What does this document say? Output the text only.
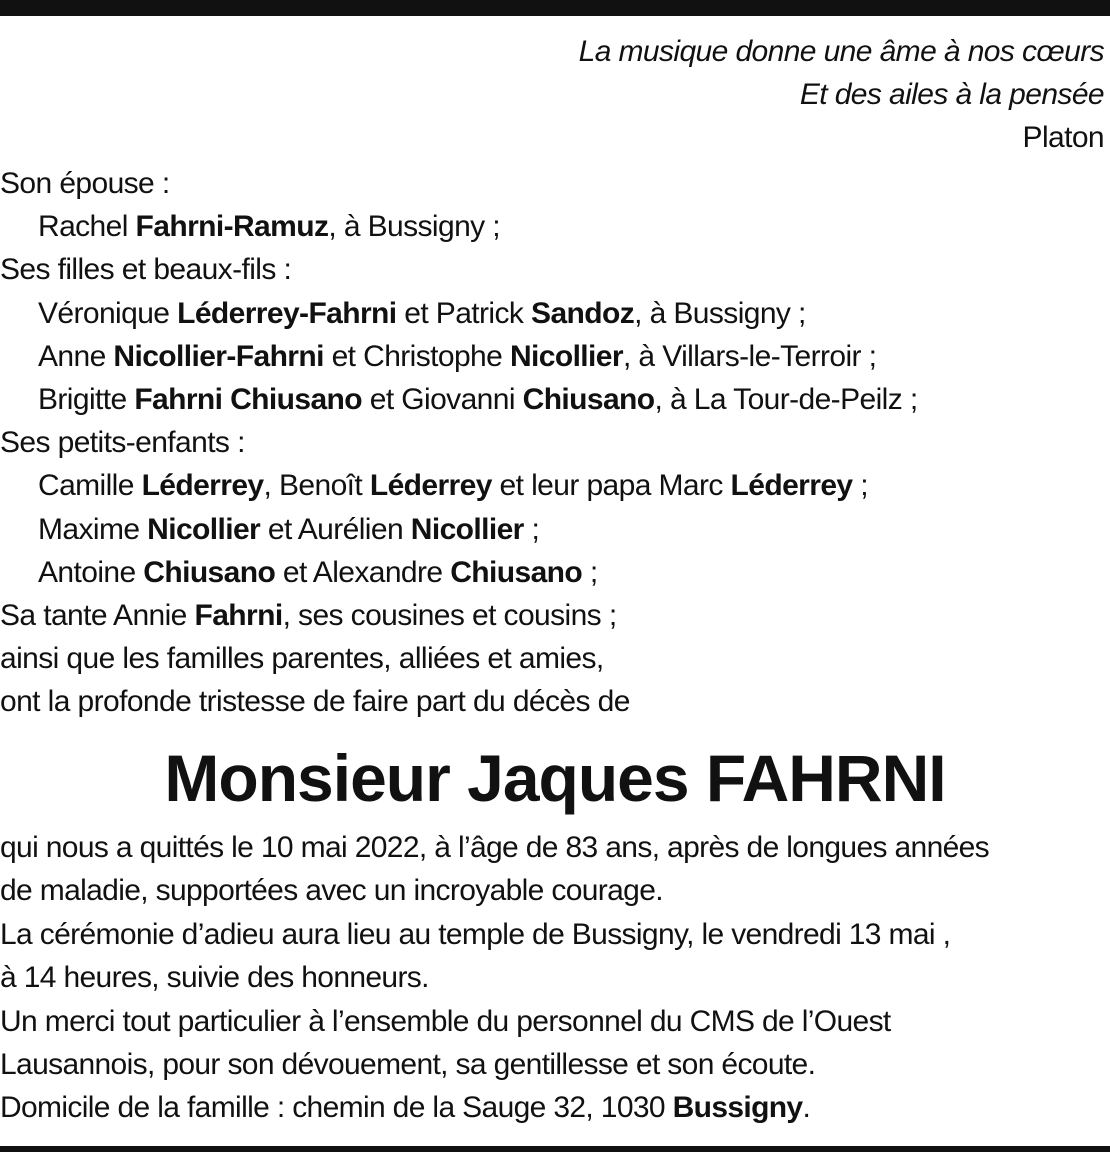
La musique donne une âme à nos cœurs
Et des ailes à la pensée
Platon
Son épouse :
Rachel Fahrni-Ramuz, à Bussigny ;
Ses filles et beaux-fils :
Véronique Léderrey-Fahrni et Patrick Sandoz, à Bussigny ;
Anne Nicollier-Fahrni et Christophe Nicollier, à Villars-le-Terroir ;
Brigitte Fahrni Chiusano et Giovanni Chiusano, à La Tour-de-Peilz ;
Ses petits-enfants :
Camille Léderrey, Benoît Léderrey et leur papa Marc Léderrey ;
Maxime Nicollier et Aurélien Nicollier ;
Antoine Chiusano et Alexandre Chiusano ;
Sa tante Annie Fahrni, ses cousines et cousins ;
ainsi que les familles parentes, alliées et amies,
ont la profonde tristesse de faire part du décès de
Monsieur Jaques FAHRNI
qui nous a quittés le 10 mai 2022, à l’âge de 83 ans, après de longues années
de maladie, supportées avec un incroyable courage.
La cérémonie d’adieu aura lieu au temple de Bussigny, le vendredi 13 mai ,
à 14 heures, suivie des honneurs.
Un merci tout particulier à l’ensemble du personnel du CMS de l’Ouest
Lausannois, pour son dévouement, sa gentillesse et son écoute.
Domicile de la famille : chemin de la Sauge 32, 1030 Bussigny.
